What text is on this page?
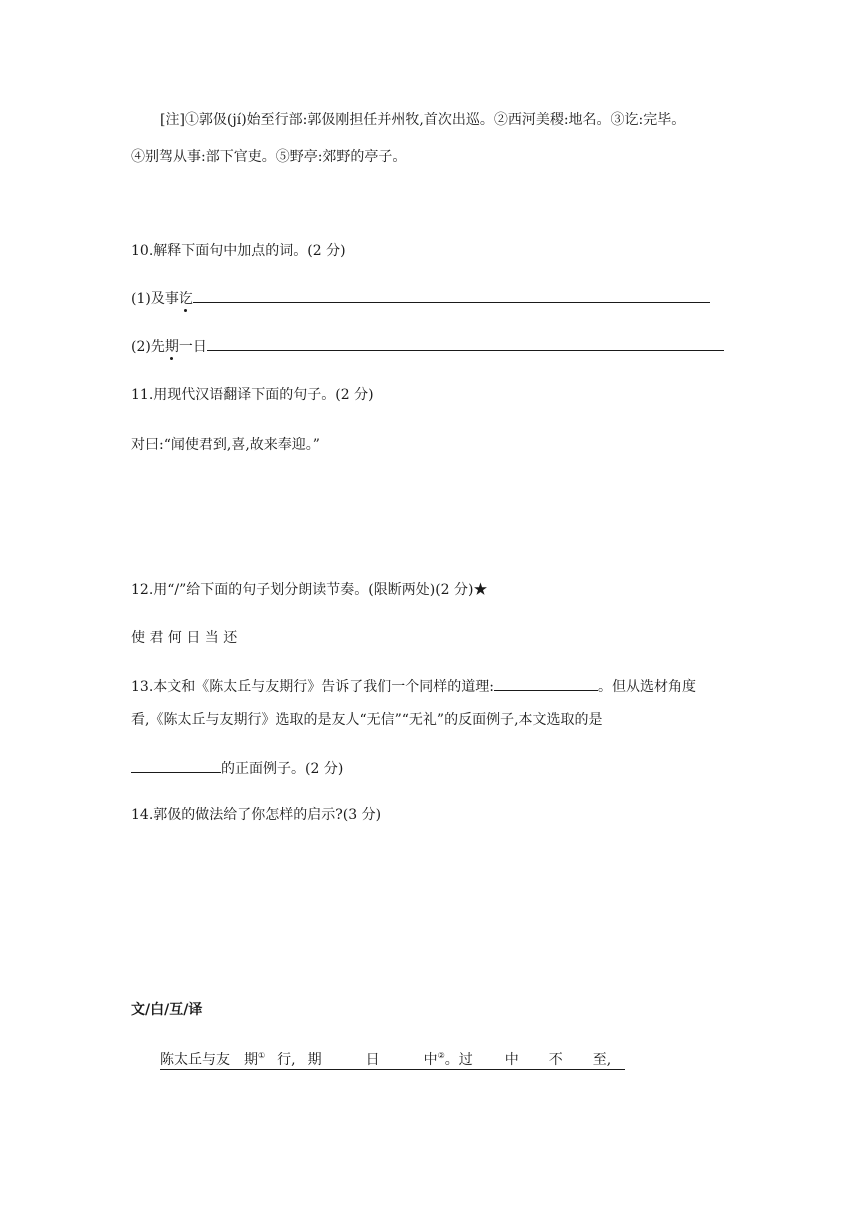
[注]①郭伋(jí)始至行部:郭伋刚担任并州牧,首次出巡。②西河美稷:地名。③讫:完毕。
④别驾从事:部下官吏。⑤野亭:郊野的亭子。
10.解释下面句中加点的词。(2 分)
(1)及事讫
(2)先期一日
11.用现代汉语翻译下面的句子。(2 分)
对曰:“闻使君到,喜,故来奉迎。”
12.用“/”给下面的句子划分朗读节奏。(限断两处)(2 分)★
使 君 何 日 当 还
13.本文和《陈太丘与友期行》告诉了我们一个同样的道理:	。但从选材角度
看,《陈太丘与友期行》选取的是友人“无信”“无礼”的反面例子,本文选取的是
的正面例子。(2 分)
14.郭伋的做法给了你怎样的启示?(3 分)
文/白/互/译
陈太丘与友 期① 行, 期	日	中②。过 中 不 至,
